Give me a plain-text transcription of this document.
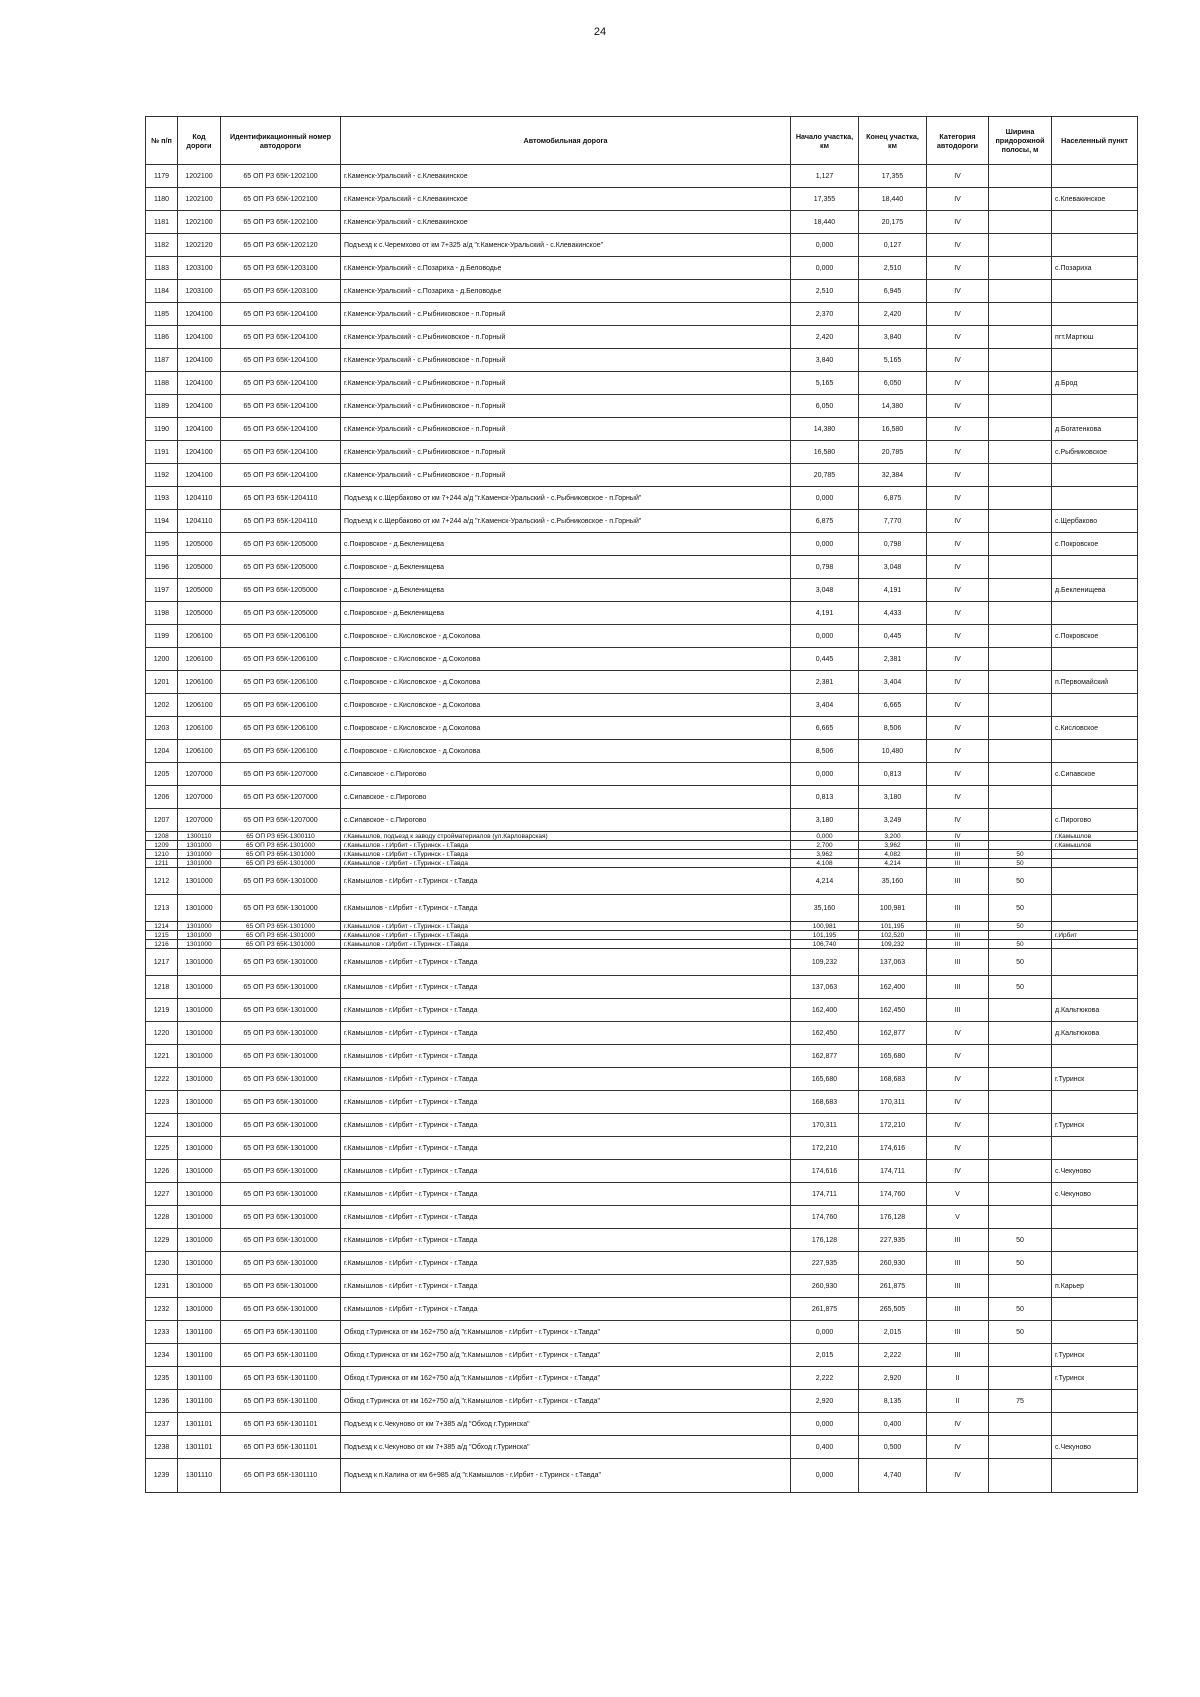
24
№ п/п	Код дороги	Идентификационный номер автодороги	Автомобильная дорога	Начало участка, км	Конец участка, км	Категория автодороги	Ширина придорожной полосы, м	Населенный пункт
1179	1202100	65 ОП РЗ 65К-1202100	г.Каменск-Уральский - с.Клевакинское	1,127	17,355	IV		
1180	1202100	65 ОП РЗ 65К-1202100	г.Каменск-Уральский - с.Клевакинское	17,355	18,440	IV		с.Клевакинское
1181	1202100	65 ОП РЗ 65К-1202100	г.Каменск-Уральский - с.Клевакинское	18,440	20,175	IV		
1182	1202120	65 ОП РЗ 65К-1202120	Подъезд к с.Черемхово от км 7+325 а/д "г.Каменск-Уральский - с.Клевакинское"	0,000	0,127	IV		
1183	1203100	65 ОП РЗ 65К-1203100	г.Каменск-Уральский - с.Позариха - д.Беловодье	0,000	2,510	IV		с.Позариха
1184	1203100	65 ОП РЗ 65К-1203100	г.Каменск-Уральский - с.Позариха - д.Беловодье	2,510	6,945	IV		
1185	1204100	65 ОП РЗ 65К-1204100	г.Каменск-Уральский - с.Рыбниковское - п.Горный	2,370	2,420	IV		
1186	1204100	65 ОП РЗ 65К-1204100	г.Каменск-Уральский - с.Рыбниковское - п.Горный	2,420	3,840	IV		пгт.Мартюш
1187	1204100	65 ОП РЗ 65К-1204100	г.Каменск-Уральский - с.Рыбниковское - п.Горный	3,840	5,165	IV		
1188	1204100	65 ОП РЗ 65К-1204100	г.Каменск-Уральский - с.Рыбниковское - п.Горный	5,165	6,050	IV		д.Брод
1189	1204100	65 ОП РЗ 65К-1204100	г.Каменск-Уральский - с.Рыбниковское - п.Горный	6,050	14,380	IV		
1190	1204100	65 ОП РЗ 65К-1204100	г.Каменск-Уральский - с.Рыбниковское - п.Горный	14,380	16,580	IV		д.Богатенкова
1191	1204100	65 ОП РЗ 65К-1204100	г.Каменск-Уральский - с.Рыбниковское - п.Горный	16,580	20,785	IV		с.Рыбниковское
1192	1204100	65 ОП РЗ 65К-1204100	г.Каменск-Уральский - с.Рыбниковское - п.Горный	20,785	32,384	IV		
1193	1204110	65 ОП РЗ 65К-1204110	Подъезд к с.Щербаково от км 7+244 а/д "г.Каменск-Уральский - с.Рыбниковское - п.Горный"	0,000	6,875	IV		
1194	1204110	65 ОП РЗ 65К-1204110	Подъезд к с.Щербаково от км 7+244 а/д "г.Каменск-Уральский - с.Рыбниковское - п.Горный"	6,875	7,770	IV		с.Щербаково
1195	1205000	65 ОП РЗ 65К-1205000	с.Покровское - д.Бекленищева	0,000	0,798	IV		с.Покровское
1196	1205000	65 ОП РЗ 65К-1205000	с.Покровское - д.Бекленищева	0,798	3,048	IV		
1197	1205000	65 ОП РЗ 65К-1205000	с.Покровское - д.Бекленищева	3,048	4,191	IV		д.Бекленищева
1198	1205000	65 ОП РЗ 65К-1205000	с.Покровское - д.Бекленищева	4,191	4,433	IV		
1199	1206100	65 ОП РЗ 65К-1206100	с.Покровское - с.Кисловское - д.Соколова	0,000	0,445	IV		с.Покровское
1200	1206100	65 ОП РЗ 65К-1206100	с.Покровское - с.Кисловское - д.Соколова	0,445	2,381	IV		
1201	1206100	65 ОП РЗ 65К-1206100	с.Покровское - с.Кисловское - д.Соколова	2,381	3,404	IV		п.Первомайский
1202	1206100	65 ОП РЗ 65К-1206100	с.Покровское - с.Кисловское - д.Соколова	3,404	6,665	IV		
1203	1206100	65 ОП РЗ 65К-1206100	с.Покровское - с.Кисловское - д.Соколова	6,665	8,506	IV		с.Кисловское
1204	1206100	65 ОП РЗ 65К-1206100	с.Покровское - с.Кисловское - д.Соколова	8,506	10,480	IV		
1205	1207000	65 ОП РЗ 65К-1207000	с.Сипавское - с.Пирогово	0,000	0,813	IV		с.Сипавское
1206	1207000	65 ОП РЗ 65К-1207000	с.Сипавское - с.Пирогово	0,813	3,180	IV		
1207	1207000	65 ОП РЗ 65К-1207000	с.Сипавское - с.Пирогово	3,180	3,249	IV		с.Пирогово
1208	1300110	65 ОП РЗ 65К-1300110	г.Камышлов, подъезд к заводу стройматериалов (ул.Карловарская)	0,000	3,200	IV		г.Камышлов
1209	1301000	65 ОП РЗ 65К-1301000	г.Камышлов - г.Ирбит - г.Туринск - г.Тавда	2,700	3,962	III		г.Камышлов
1210	1301000	65 ОП РЗ 65К-1301000	г.Камышлов - г.Ирбит - г.Туринск - г.Тавда	3,962	4,082	III	50	
1211	1301000	65 ОП РЗ 65К-1301000	г.Камышлов - г.Ирбит - г.Туринск - г.Тавда	4,108	4,214	III	50	
1212	1301000	65 ОП РЗ 65К-1301000	г.Камышлов - г.Ирбит - г.Туринск - г.Тавда	4,214	35,160	III	50	
1213	1301000	65 ОП РЗ 65К-1301000	г.Камышлов - г.Ирбит - г.Туринск - г.Тавда	35,160	100,981	III	50	
1214	1301000	65 ОП РЗ 65К-1301000	г.Камышлов - г.Ирбит - г.Туринск - г.Тавда	100,981	101,195	III	50	
1215	1301000	65 ОП РЗ 65К-1301000	г.Камышлов - г.Ирбит - г.Туринск - г.Тавда	101,195	102,520	III		г.Ирбит
1216	1301000	65 ОП РЗ 65К-1301000	г.Камышлов - г.Ирбит - г.Туринск - г.Тавда	106,740	109,232	III	50	
1217	1301000	65 ОП РЗ 65К-1301000	г.Камышлов - г.Ирбит - г.Туринск - г.Тавда	109,232	137,063	III	50	
1218	1301000	65 ОП РЗ 65К-1301000	г.Камышлов - г.Ирбит - г.Туринск - г.Тавда	137,063	162,400	III	50	
1219	1301000	65 ОП РЗ 65К-1301000	г.Камышлов - г.Ирбит - г.Туринск - г.Тавда	162,400	162,450	III		д.Кальтюкова
1220	1301000	65 ОП РЗ 65К-1301000	г.Камышлов - г.Ирбит - г.Туринск - г.Тавда	162,450	162,877	IV		д.Кальтюкова
1221	1301000	65 ОП РЗ 65К-1301000	г.Камышлов - г.Ирбит - г.Туринск - г.Тавда	162,877	165,680	IV		
1222	1301000	65 ОП РЗ 65К-1301000	г.Камышлов - г.Ирбит - г.Туринск - г.Тавда	165,680	168,683	IV		г.Туринск
1223	1301000	65 ОП РЗ 65К-1301000	г.Камышлов - г.Ирбит - г.Туринск - г.Тавда	168,683	170,311	IV		
1224	1301000	65 ОП РЗ 65К-1301000	г.Камышлов - г.Ирбит - г.Туринск - г.Тавда	170,311	172,210	IV		г.Туринск
1225	1301000	65 ОП РЗ 65К-1301000	г.Камышлов - г.Ирбит - г.Туринск - г.Тавда	172,210	174,616	IV		
1226	1301000	65 ОП РЗ 65К-1301000	г.Камышлов - г.Ирбит - г.Туринск - г.Тавда	174,616	174,711	IV		с.Чекуново
1227	1301000	65 ОП РЗ 65К-1301000	г.Камышлов - г.Ирбит - г.Туринск - г.Тавда	174,711	174,760	V		с.Чекуново
1228	1301000	65 ОП РЗ 65К-1301000	г.Камышлов - г.Ирбит - г.Туринск - г.Тавда	174,760	176,128	V		
1229	1301000	65 ОП РЗ 65К-1301000	г.Камышлов - г.Ирбит - г.Туринск - г.Тавда	176,128	227,935	III	50	
1230	1301000	65 ОП РЗ 65К-1301000	г.Камышлов - г.Ирбит - г.Туринск - г.Тавда	227,935	260,930	III	50	
1231	1301000	65 ОП РЗ 65К-1301000	г.Камышлов - г.Ирбит - г.Туринск - г.Тавда	260,930	261,875	III		п.Карьер
1232	1301000	65 ОП РЗ 65К-1301000	г.Камышлов - г.Ирбит - г.Туринск - г.Тавда	261,875	265,505	III	50	
1233	1301100	65 ОП РЗ 65К-1301100	Обход г.Туринска от км 162+750 а/д "г.Камышлов - г.Ирбит - г.Туринск - г.Тавда"	0,000	2,015	III	50	
1234	1301100	65 ОП РЗ 65К-1301100	Обход г.Туринска от км 162+750 а/д "г.Камышлов - г.Ирбит - г.Туринск - г.Тавда"	2,015	2,222	III		г.Туринск
1235	1301100	65 ОП РЗ 65К-1301100	Обход г.Туринска от км 162+750 а/д "г.Камышлов - г.Ирбит - г.Туринск - г.Тавда"	2,222	2,920	II		г.Туринск
1236	1301100	65 ОП РЗ 65К-1301100	Обход г.Туринска от км 162+750 а/д "г.Камышлов - г.Ирбит - г.Туринск - г.Тавда"	2,920	8,135	II	75	
1237	1301101	65 ОП РЗ 65К-1301101	Подъезд к с.Чекуново от км 7+385 а/д "Обход г.Туринска"	0,000	0,400	IV		
1238	1301101	65 ОП РЗ 65К-1301101	Подъезд к с.Чекуново от км 7+385 а/д "Обход г.Туринска"	0,400	0,500	IV		с.Чекуново
1239	1301110	65 ОП РЗ 65К-1301110	Подъезд к п.Калина от км 6+985 а/д "г.Камышлов - г.Ирбит - г.Туринск - г.Тавда"	0,000	4,740	IV		
